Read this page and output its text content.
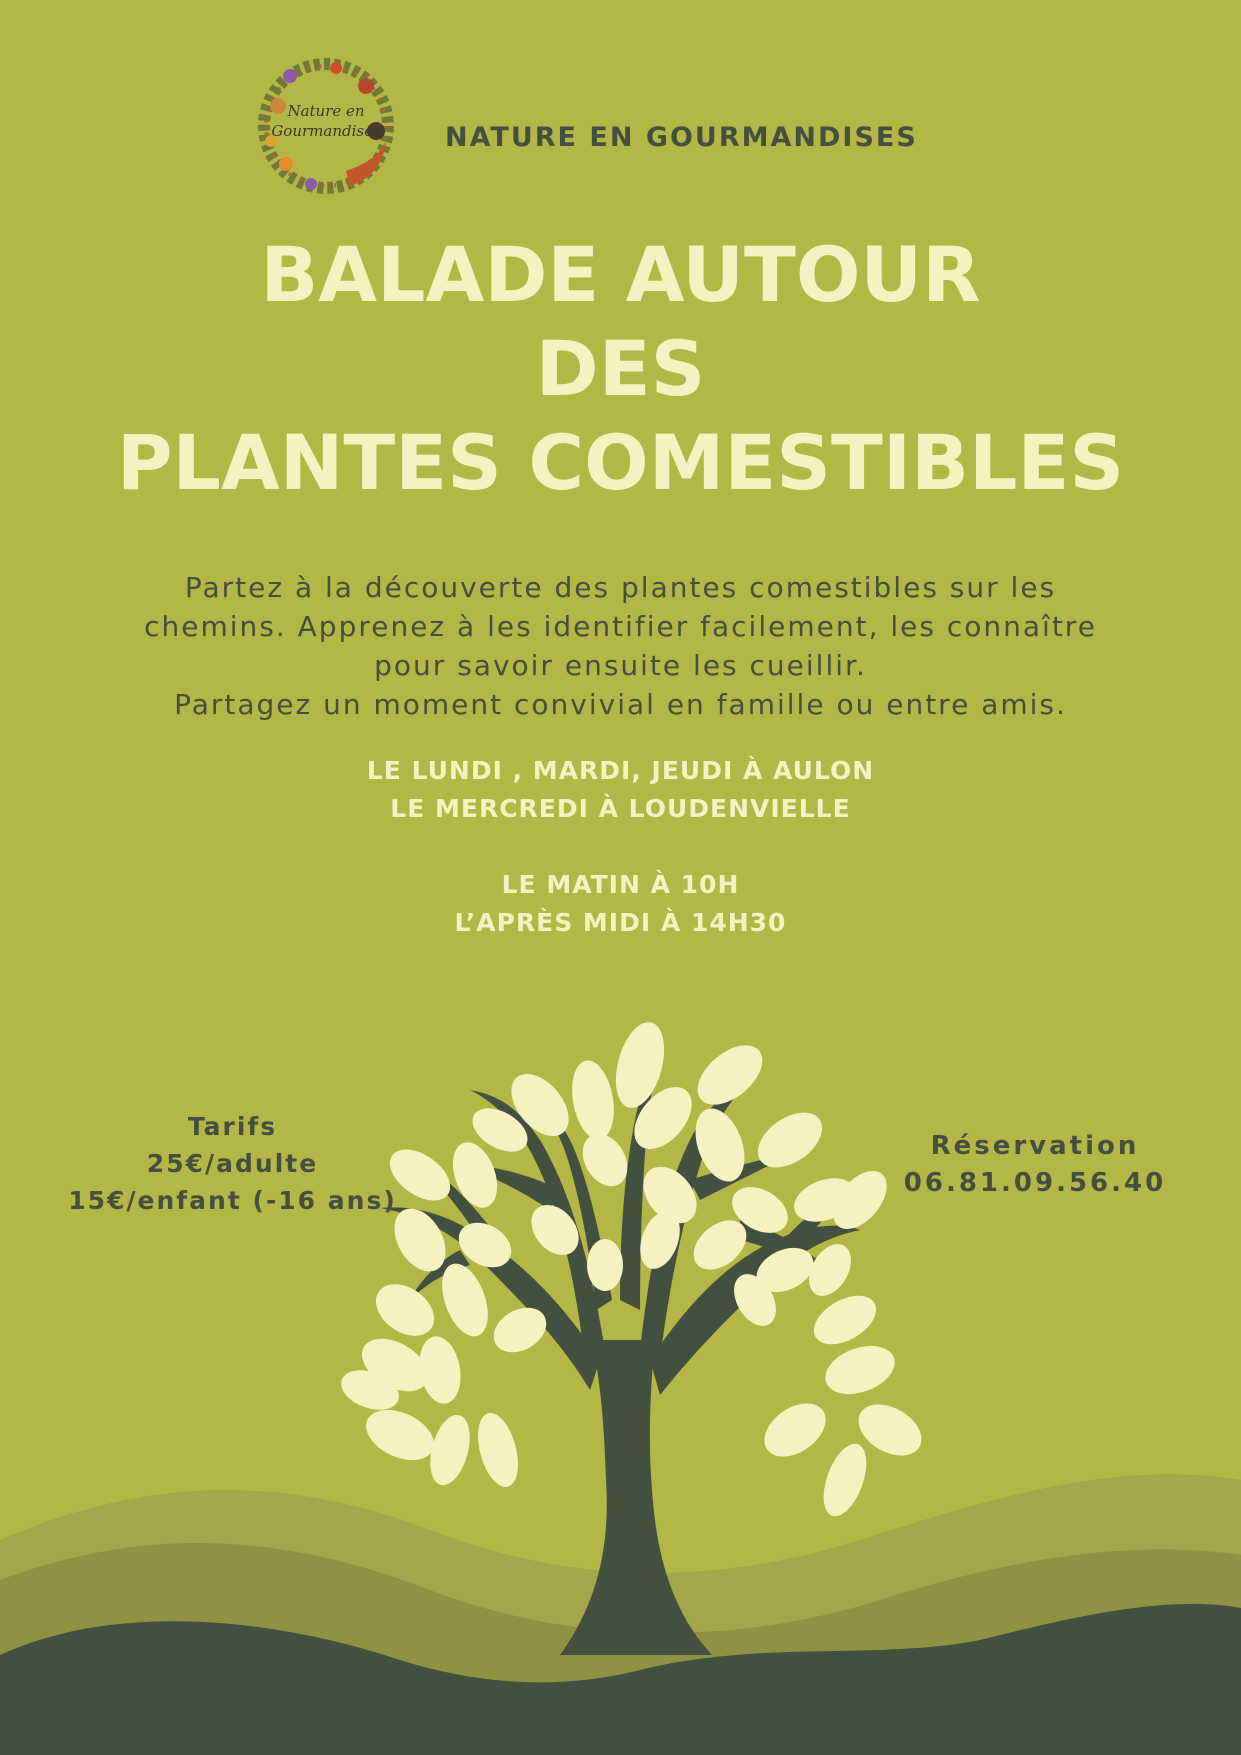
Nature en
Gourmandises NATURE EN GOURMANDISES
BALADE AUTOUR
DES
PLANTES COMESTIBLES
Partez à la découverte des plantes comestibles sur les
chemins. Apprenez à les identifier facilement, les connaître
pour savoir ensuite les cueillir.
Partagez un moment convivial en famille ou entre amis.
LE LUNDI , MARDI, JEUDI À AULON
LE MERCREDI À LOUDENVIELLE
LE MATIN À 10H
L’APRÈS MIDI À 14H30
Tarifs
25€/adulte
15€/enfant (-16 ans)
Réservation
06.81.09.56.40
